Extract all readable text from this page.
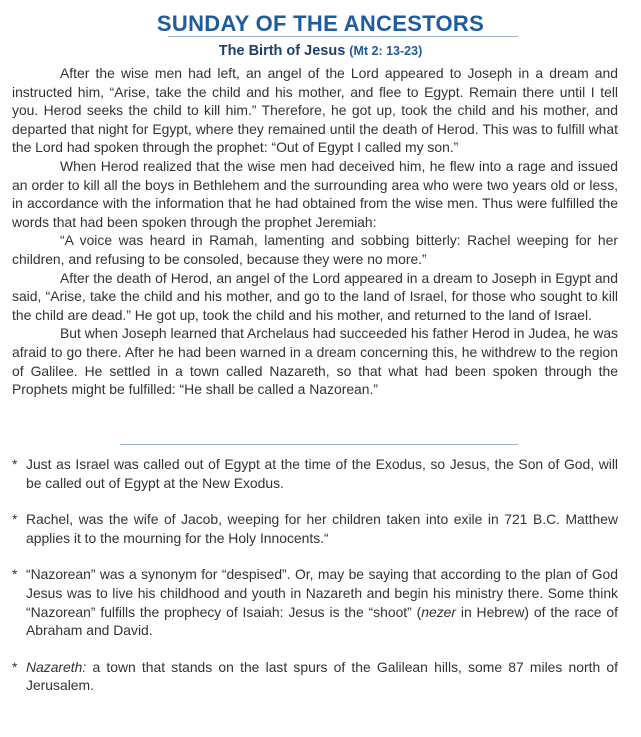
SUNDAY OF THE ANCESTORS
The Birth of Jesus (Mt 2: 13-23)

After the wise men had left, an angel of the Lord appeared to Joseph in a dream and instructed him, “Arise, take the child and his mother, and flee to Egypt. Remain there until I tell you. Herod seeks the child to kill him.” Therefore, he got up, took the child and his mother, and departed that night for Egypt, where they remained until the death of Herod. This was to fulfill what the Lord had spoken through the prophet: “Out of Egypt I called my son.”

When Herod realized that the wise men had deceived him, he flew into a rage and issued an order to kill all the boys in Bethlehem and the surrounding area who were two years old or less, in accordance with the information that he had obtained from the wise men. Thus were fulfilled the words that had been spoken through the prophet Jeremiah:

“A voice was heard in Ramah, lamenting and sobbing bitterly: Rachel weeping for her children, and refusing to be consoled, because they were no more.”

After the death of Herod, an angel of the Lord appeared in a dream to Joseph in Egypt and said, “Arise, take the child and his mother, and go to the land of Israel, for those who sought to kill the child are dead.” He got up, took the child and his mother, and returned to the land of Israel.

But when Joseph learned that Archelaus had succeeded his father Herod in Judea, he was afraid to go there. After he had been warned in a dream concerning this, he withdrew to the region of Galilee. He settled in a town called Nazareth, so that what had been spoken through the Prophets might be fulfilled: “He shall be called a Nazorean.”

* Just as Israel was called out of Egypt at the time of the Exodus, so Jesus, the Son of God, will be called out of Egypt at the New Exodus.
* Rachel, was the wife of Jacob, weeping for her children taken into exile in 721 B.C. Matthew applies it to the mourning for the Holy Innocents.“
* “Nazorean” was a synonym for “despised”. Or, may be saying that according to the plan of God Jesus was to live his childhood and youth in Nazareth and begin his ministry there. Some think “Nazorean” fulfills the prophecy of Isaiah: Jesus is the “shoot” (nezer in Hebrew) of the race of Abraham and David.
* Nazareth: a town that stands on the last spurs of the Galilean hills, some 87 miles north of Jerusalem.
